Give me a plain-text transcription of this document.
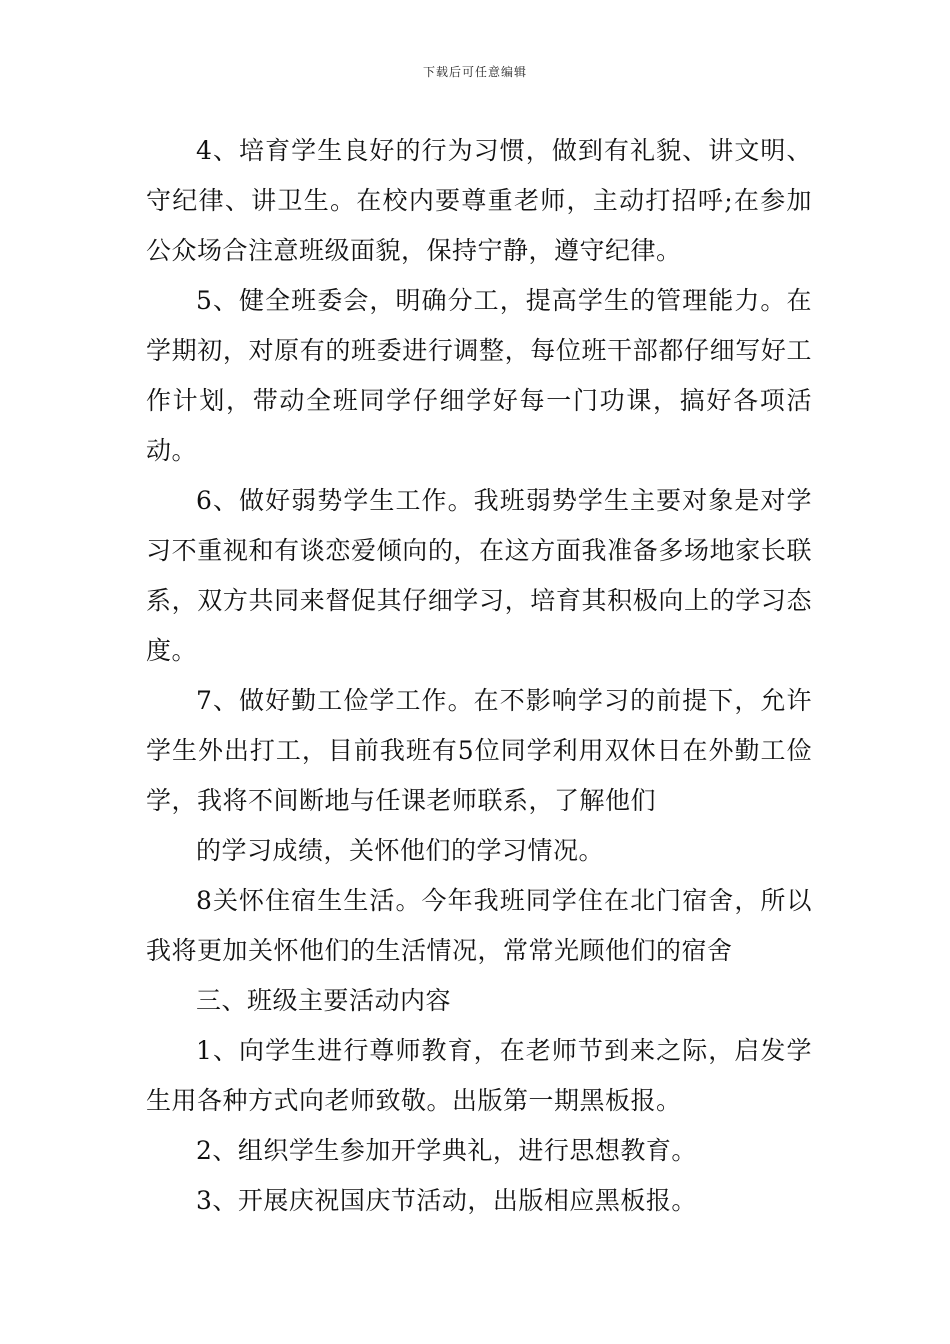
下载后可任意编辑

4、培育学生良好的行为习惯，做到有礼貌、讲文明、守纪律、讲卫生。在校内要尊重老师，主动打招呼;在参加公众场合注意班级面貌，保持宁静，遵守纪律。

5、健全班委会，明确分工，提高学生的管理能力。在学期初，对原有的班委进行调整，每位班干部都仔细写好工作计划，带动全班同学仔细学好每一门功课，搞好各项活动。

6、做好弱势学生工作。我班弱势学生主要对象是对学习不重视和有谈恋爱倾向的，在这方面我准备多场地家长联系，双方共同来督促其仔细学习，培育其积极向上的学习态度。

7、做好勤工俭学工作。在不影响学习的前提下，允许学生外出打工，目前我班有5位同学利用双休日在外勤工俭学，我将不间断地与任课老师联系，了解他们

的学习成绩，关怀他们的学习情况。

8关怀住宿生生活。今年我班同学住在北门宿舍，所以我将更加关怀他们的生活情况，常常光顾他们的宿舍

三、班级主要活动内容

1、向学生进行尊师教育，在老师节到来之际，启发学生用各种方式向老师致敬。出版第一期黑板报。

2、组织学生参加开学典礼，进行思想教育。

3、开展庆祝国庆节活动，出版相应黑板报。
